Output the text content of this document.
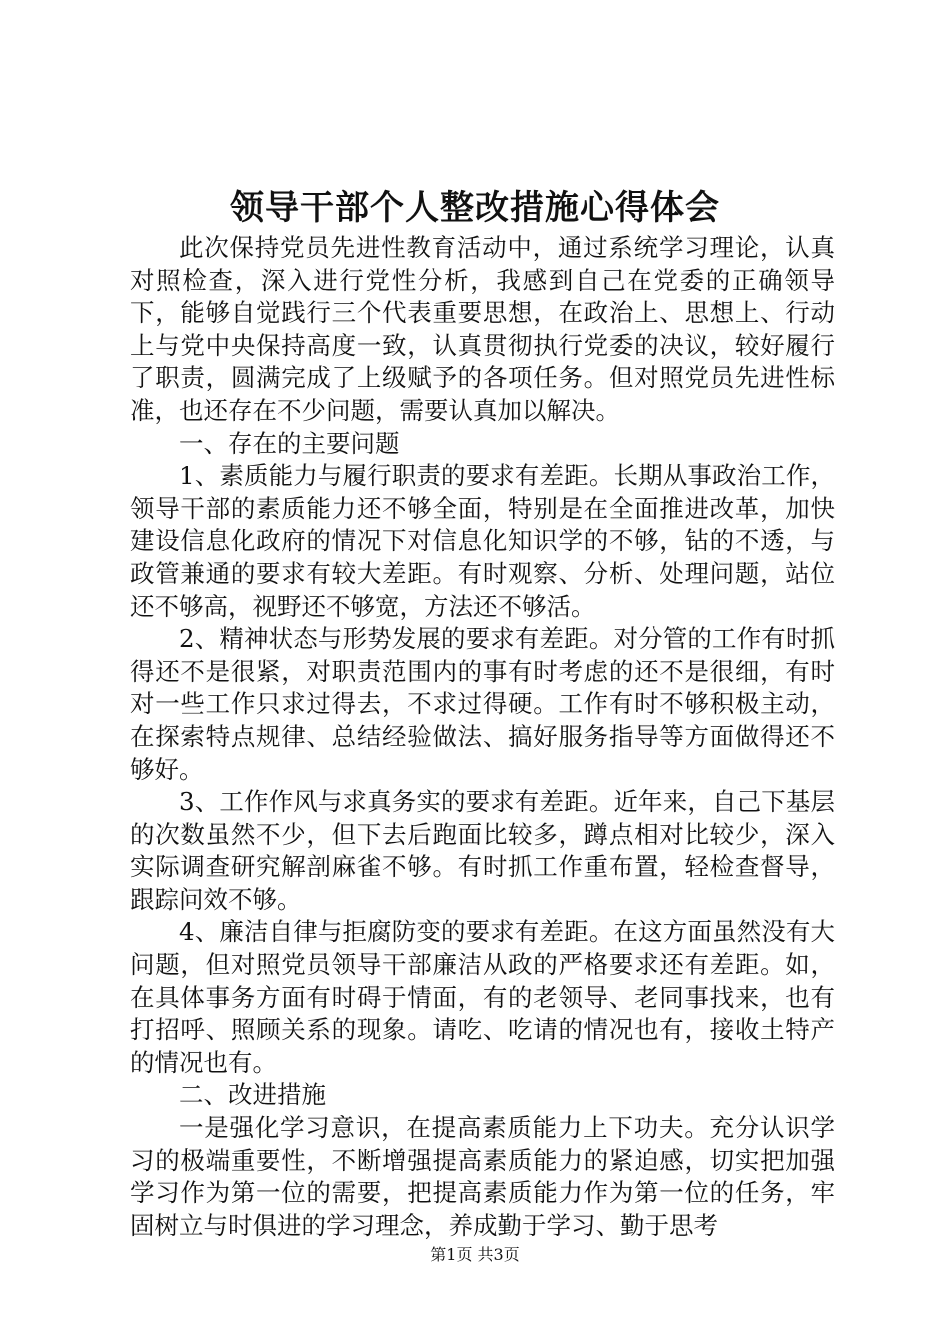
领导干部个人整改措施心得体会

此次保持党员先进性教育活动中，通过系统学习理论，认真对照检查，深入进行党性分析，我感到自己在党委的正确领导下，能够自觉践行三个代表重要思想，在政治上、思想上、行动上与党中央保持高度一致，认真贯彻执行党委的决议，较好履行了职责，圆满完成了上级赋予的各项任务。但对照党员先进性标准，也还存在不少问题，需要认真加以解决。

一、存在的主要问题

1、素质能力与履行职责的要求有差距。长期从事政治工作，领导干部的素质能力还不够全面，特别是在全面推进改革，加快建设信息化政府的情况下对信息化知识学的不够，钻的不透，与政管兼通的要求有较大差距。有时观察、分析、处理问题，站位还不够高，视野还不够宽，方法还不够活。

2、精神状态与形势发展的要求有差距。对分管的工作有时抓得还不是很紧，对职责范围内的事有时考虑的还不是很细，有时对一些工作只求过得去，不求过得硬。工作有时不够积极主动，在探索特点规律、总结经验做法、搞好服务指导等方面做得还不够好。

3、工作作风与求真务实的要求有差距。近年来，自己下基层的次数虽然不少，但下去后跑面比较多，蹲点相对比较少，深入实际调查研究解剖麻雀不够。有时抓工作重布置，轻检查督导，跟踪问效不够。

4、廉洁自律与拒腐防变的要求有差距。在这方面虽然没有大问题，但对照党员领导干部廉洁从政的严格要求还有差距。如，在具体事务方面有时碍于情面，有的老领导、老同事找来，也有打招呼、照顾关系的现象。请吃、吃请的情况也有，接收土特产的情况也有。

二、改进措施

一是强化学习意识，在提高素质能力上下功夫。充分认识学习的极端重要性，不断增强提高素质能力的紧迫感，切实把加强学习作为第一位的需要，把提高素质能力作为第一位的任务，牢固树立与时俱进的学习理念，养成勤于学习、勤于思考

第1页 共3页
